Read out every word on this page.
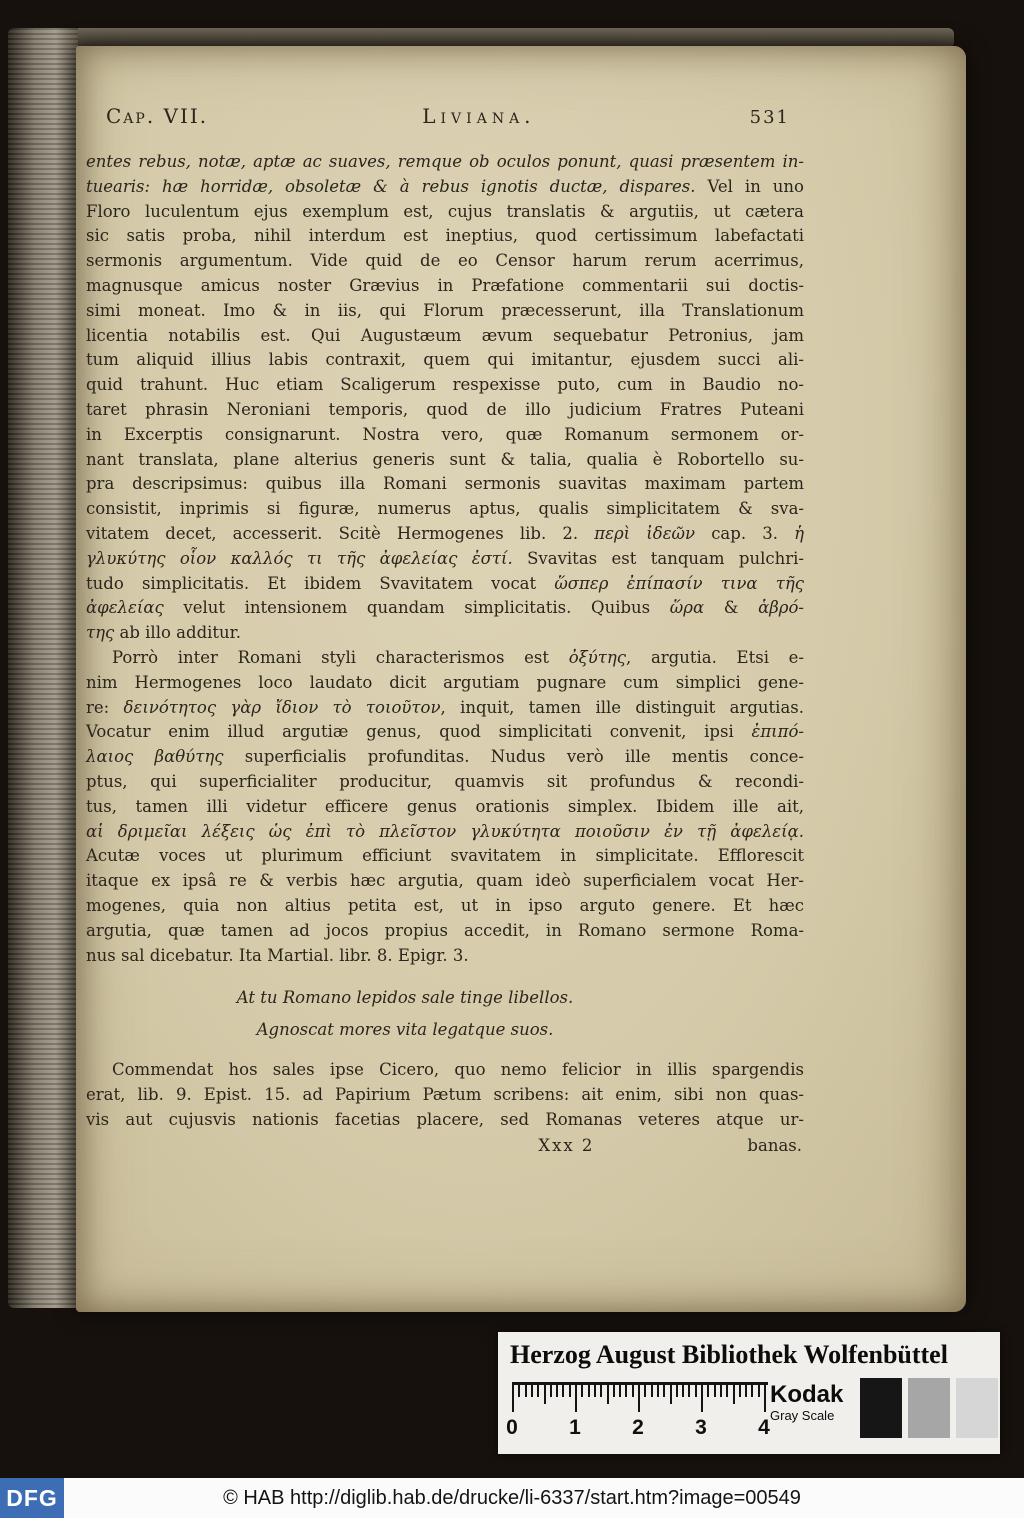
Cap. VII.	Liviana.	531
entes rebus, notæ, aptæ ac suaves, remque ob oculos ponunt, quasi præsentem in-
tuearis: hæ horridæ, obsoletæ & à rebus ignotis ductæ, dispares. Vel in uno
Floro luculentum ejus exemplum est, cujus translatis & argutiis, ut cætera
sic satis proba, nihil interdum est ineptius, quod certissimum labefactati
sermonis argumentum. Vide quid de eo Censor harum rerum acerrimus,
magnusque amicus noster Grævius in Præfatione commentarii sui doctis-
simi moneat. Imo & in iis, qui Florum præcesserunt, illa Translationum
licentia notabilis est. Qui Augustæum ævum sequebatur Petronius, jam
tum aliquid illius labis contraxit, quem qui imitantur, ejusdem succi ali-
quid trahunt. Huc etiam Scaligerum respexisse puto, cum in Baudio no-
taret phrasin Neroniani temporis, quod de illo judicium Fratres Puteani
in Excerptis consignarunt. Nostra vero, quæ Romanum sermonem or-
nant translata, plane alterius generis sunt & talia, qualia è Robortello su-
pra descripsimus: quibus illa Romani sermonis suavitas maximam partem
consistit, inprimis si figuræ, numerus aptus, qualis simplicitatem & sva-
vitatem decet, accesserit. Scitè Hermogenes lib. 2. περὶ ἰδεῶν cap. 3. ἡ
γλυκύτης οἷον καλλός τι τῆς ἀφελείας ἐστί. Svavitas est tanquam pulchri-
tudo simplicitatis. Et ibidem Svavitatem vocat ὥσπερ ἐπίπασίν τινα τῆς
ἀφελείας velut intensionem quandam simplicitatis. Quibus ὥρα & ἁβρό-
της ab illo additur.
Porrò inter Romani styli characterismos est ὀξύτης, argutia. Etsi e-
nim Hermogenes loco laudato dicit argutiam pugnare cum simplici gene-
re: δεινότητος γὰρ ἴδιον τὸ τοιοῦτον, inquit, tamen ille distinguit argutias.
Vocatur enim illud argutiæ genus, quod simplicitati convenit, ipsi ἐπιπό-
λαιος βαθύτης superficialis profunditas. Nudus verò ille mentis conce-
ptus, qui superficialiter producitur, quamvis sit profundus & recondi-
tus, tamen illi videtur efficere genus orationis simplex. Ibidem ille ait,
αἱ δριμεῖαι λέξεις ὡς ἐπὶ τὸ πλεῖστον γλυκύτητα ποιοῦσιν ἐν τῇ ἀφελείᾳ.
Acutæ voces ut plurimum efficiunt svavitatem in simplicitate. Efflorescit
itaque ex ipsâ re & verbis hæc argutia, quam ideò superficialem vocat Her-
mogenes, quia non altius petita est, ut in ipso arguto genere. Et hæc
argutia, quæ tamen ad jocos propius accedit, in Romano sermone Roma-
nus sal dicebatur. Ita Martial. libr. 8. Epigr. 3.
At tu Romano lepidos sale tinge libellos.
Agnoscat mores vita legatque suos.
Commendat hos sales ipse Cicero, quo nemo felicior in illis spargendis
erat, lib. 9. Epist. 15. ad Papirium Pætum scribens: ait enim, sibi non quas-
vis aut cujusvis nationis facetias placere, sed Romanas veteres atque ur-
Xxx 2	banas.
Herzog August Bibliothek Wolfenbüttel
0 1 2 3 4
Kodak
Gray Scale
© HAB http://diglib.hab.de/drucke/li-6337/start.htm?image=00549
DFG
